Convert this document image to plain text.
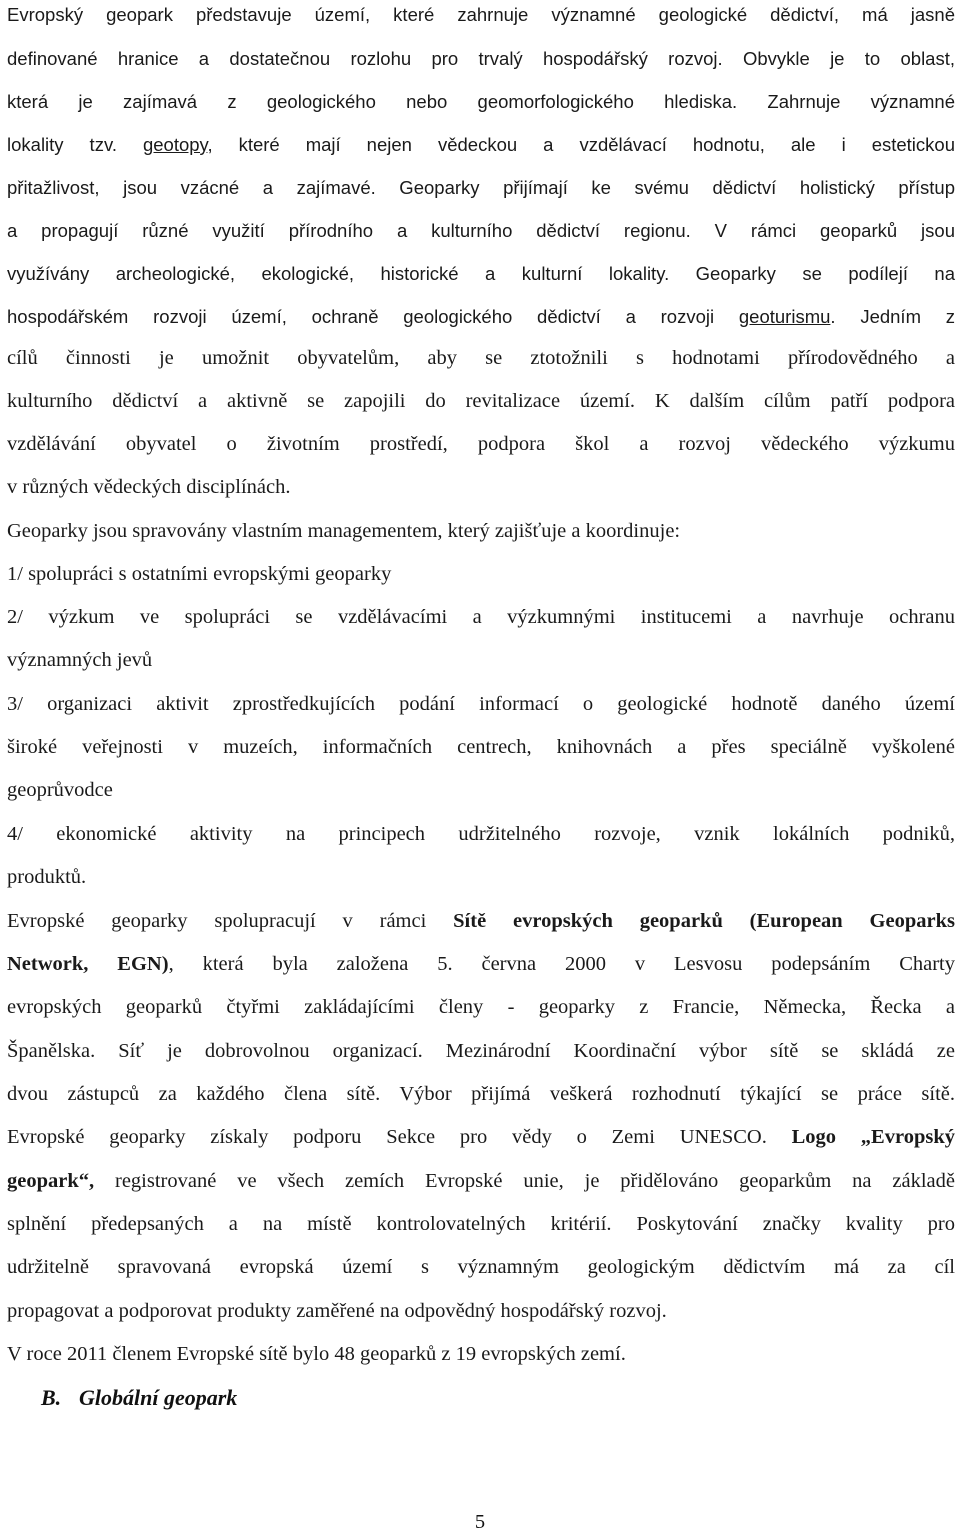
Evropský geopark představuje území, které zahrnuje významné geologické dědictví, má jasně

definované hranice a dostatečnou rozlohu pro trvalý hospodářský rozvoj. Obvykle je to oblast,

která je zajímavá z geologického nebo geomorfologického hlediska. Zahrnuje významné

lokality tzv. geotopy, které mají nejen vědeckou a vzdělávací hodnotu, ale i estetickou

přitažlivost, jsou vzácné a zajímavé. Geoparky přijímají ke svému dědictví holistický přístup

a propagují různé využití přírodního a kulturního dědictví regionu. V rámci geoparků jsou

využívány archeologické, ekologické, historické a kulturní lokality. Geoparky se podílejí na

hospodářském rozvoji území, ochraně geologického dědictví a rozvoji geoturismu. Jedním z

cílů činnosti je umožnit obyvatelům, aby se ztotožnili s hodnotami přírodovědného a

kulturního dědictví a aktivně se zapojili do revitalizace území. K dalším cílům patří podpora

vzdělávání obyvatel o životním prostředí, podpora škol a rozvoj vědeckého výzkumu

v různých vědeckých disciplínách.

Geoparky jsou spravovány vlastním managementem, který zajišťuje a koordinuje:

1/ spolupráci s ostatními evropskými geoparky

2/ výzkum ve spolupráci se vzdělávacími a výzkumnými institucemi a navrhuje ochranu

významných jevů

3/ organizaci aktivit zprostředkujících podání informací o geologické hodnotě daného území

široké veřejnosti v muzeích, informačních centrech, knihovnách a přes speciálně vyškolené

geoprůvodce

4/ ekonomické aktivity na principech udržitelného rozvoje, vznik lokálních podniků,

produktů.

Evropské geoparky spolupracují v rámci Sítě evropských geoparků (European Geoparks

Network, EGN), která byla založena 5. června 2000 v Lesvosu podepsáním Charty

evropských geoparků čtyřmi zakládajícími členy - geoparky z Francie, Německa, Řecka a

Španělska. Síť je dobrovolnou organizací. Mezinárodní Koordinační výbor sítě se skládá ze

dvou zástupců za každého člena sítě. Výbor přijímá veškerá rozhodnutí týkající se práce sítě.

Evropské geoparky získaly podporu Sekce pro vědy o Zemi UNESCO. Logo „Evropský

geopark“, registrované ve všech zemích Evropské unie, je přidělováno geoparkům na základě

splnění předepsaných a na místě kontrolovatelných kritérií. Poskytování značky kvality pro

udržitelně spravovaná evropská území s významným geologickým dědictvím má za cíl

propagovat a podporovat produkty zaměřené na odpovědný hospodářský rozvoj.

V roce 2011 členem Evropské sítě bylo 48 geoparků z 19 evropských zemí.

B. Globální geopark
5
